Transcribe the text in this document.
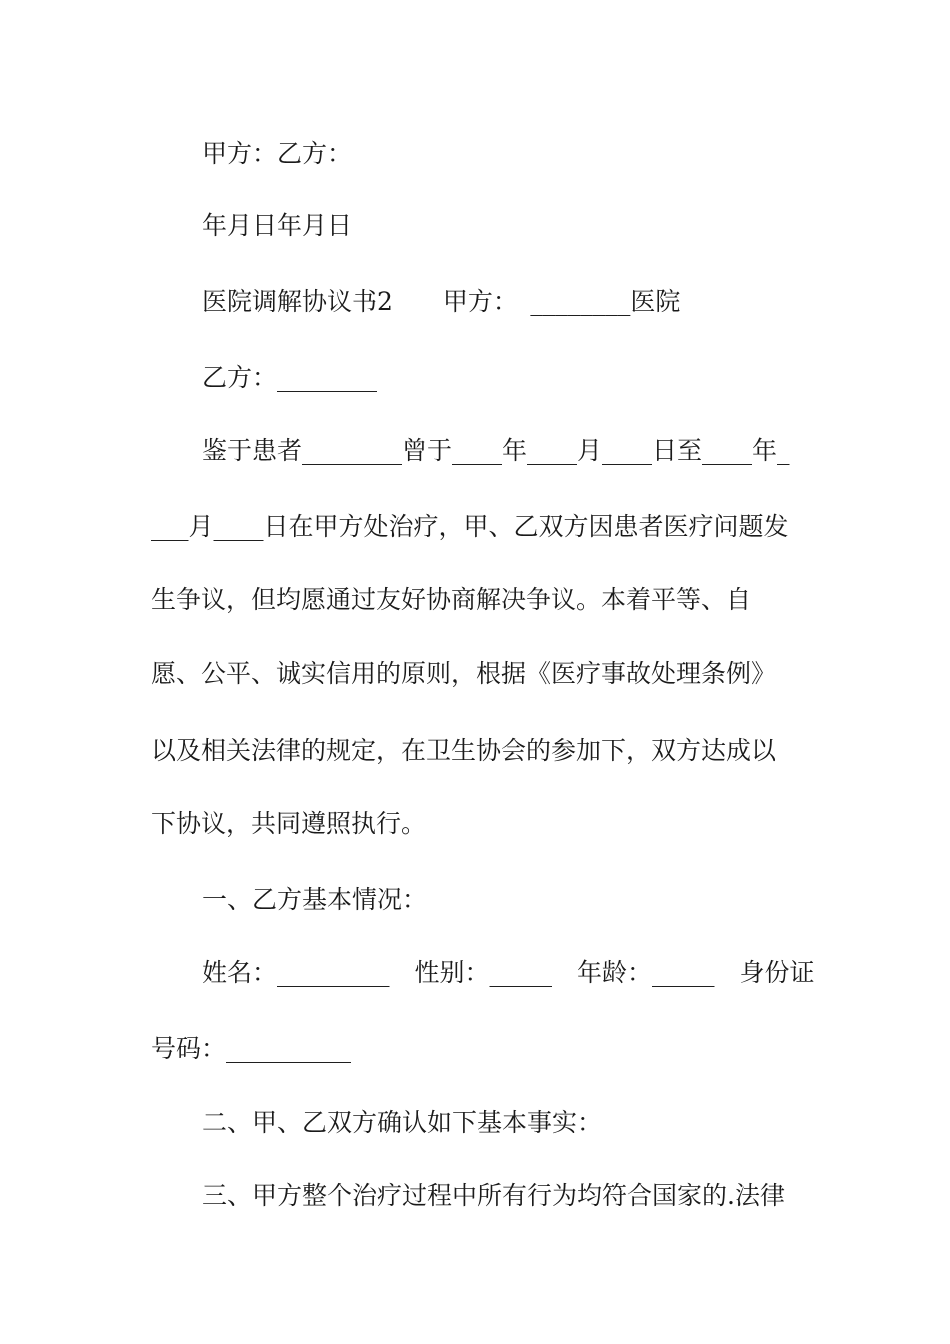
甲方：乙方：
年月日年月日
医院调解协议书2　　甲方：　________医院
乙方：________
鉴于患者________曾于____年____月____日至____年_
___月____日在甲方处治疗，甲、乙双方因患者医疗问题发
生争议，但均愿通过友好协商解决争议。本着平等、自
愿、公平、诚实信用的原则，根据《医疗事故处理条例》
以及相关法律的规定，在卫生协会的参加下，双方达成以
下协议，共同遵照执行。
一、乙方基本情况：
姓名：_________　性别：_____　年龄：_____　身份证
号码：__________
二、甲、乙双方确认如下基本事实：
三、甲方整个治疗过程中所有行为均符合国家的.法律
